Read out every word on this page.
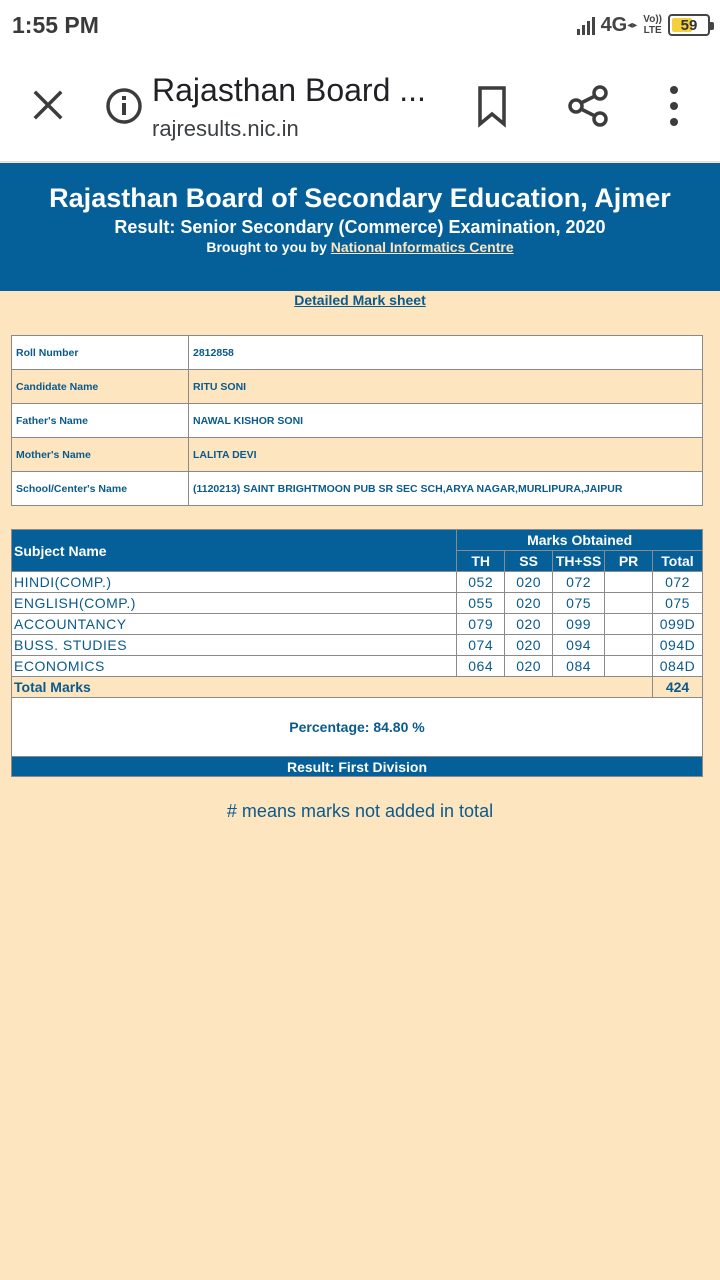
1:55 PM	4G◂▸
Vo))
LTE 59
Rajasthan Board ...
rajresults.nic.in
Rajasthan Board of Secondary Education, Ajmer
Result: Senior Secondary (Commerce) Examination, 2020
Brought to you by National Informatics Centre
Detailed Mark sheet
Roll Number	2812858
Candidate Name	RITU SONI
Father's Name	NAWAL KISHOR SONI
Mother's Name	LALITA DEVI
School/Center's Name	(1120213) SAINT BRIGHTMOON PUB SR SEC SCH,ARYA NAGAR,MURLIPURA,JAIPUR
Subject Name	Marks Obtained				
	TH	SS	TH+SS	PR	Total
HINDI(COMP.)	052	020	072		072
ENGLISH(COMP.)	055	020	075		075
ACCOUNTANCY	079	020	099		099D
BUSS. STUDIES	074	020	094		094D
ECONOMICS	064	020	084		084D
Total Marks					424
Percentage: 84.80 %					
Result: First Division					
# means marks not added in total
